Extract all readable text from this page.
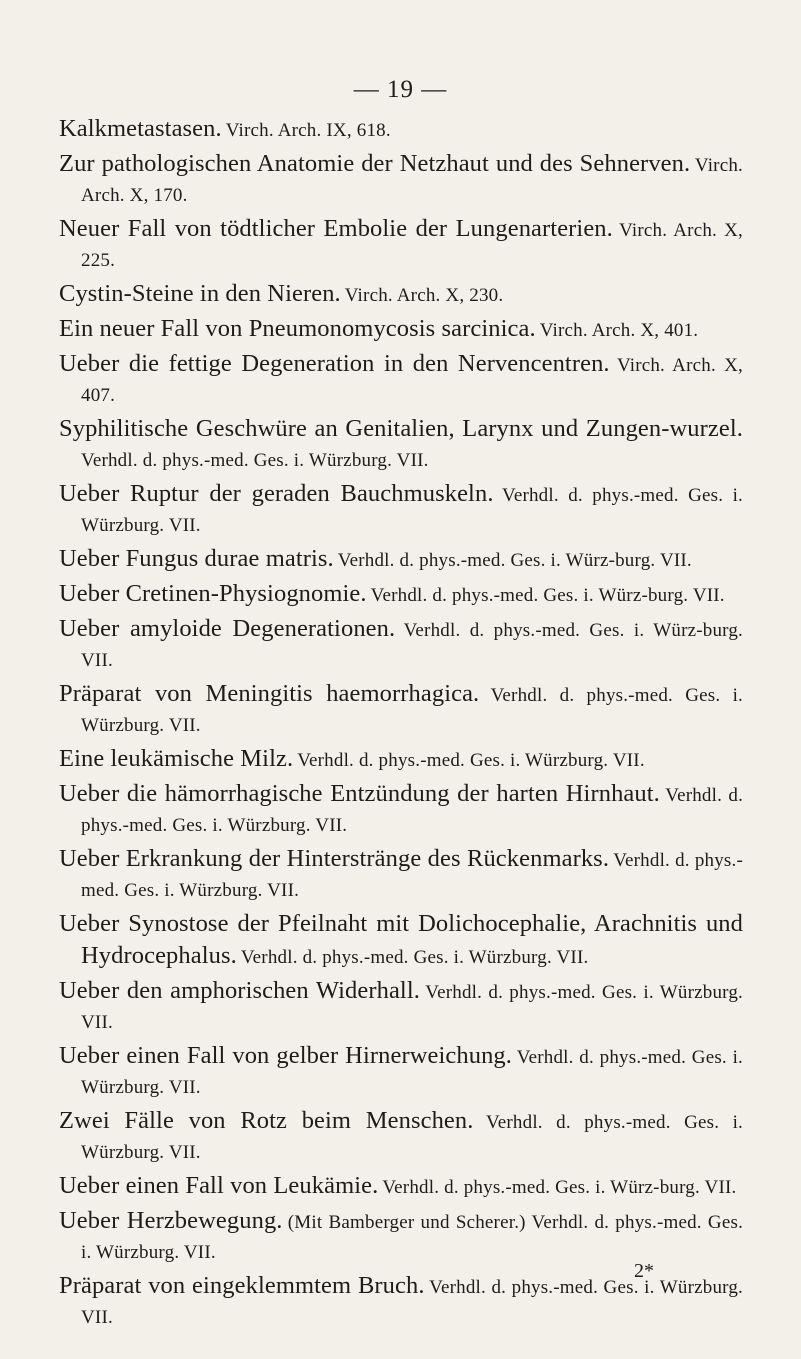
— 19 —

Kalkmetastasen. Virch. Arch. IX, 618.

Zur pathologischen Anatomie der Netzhaut und des Sehnerven. Virch. Arch. X, 170.

Neuer Fall von tödtlicher Embolie der Lungenarterien. Virch. Arch. X, 225.

Cystin-Steine in den Nieren. Virch. Arch. X, 230.

Ein neuer Fall von Pneumonomycosis sarcinica. Virch. Arch. X, 401.

Ueber die fettige Degeneration in den Nervencentren. Virch. Arch. X, 407.

Syphilitische Geschwüre an Genitalien, Larynx und Zungen-wurzel. Verhdl. d. phys.-med. Ges. i. Würzburg. VII.

Ueber Ruptur der geraden Bauchmuskeln. Verhdl. d. phys.-med. Ges. i. Würzburg. VII.

Ueber Fungus durae matris. Verhdl. d. phys.-med. Ges. i. Würz-burg. VII.

Ueber Cretinen-Physiognomie. Verhdl. d. phys.-med. Ges. i. Würz-burg. VII.

Ueber amyloide Degenerationen. Verhdl. d. phys.-med. Ges. i. Würz-burg. VII.

Präparat von Meningitis haemorrhagica. Verhdl. d. phys.-med. Ges. i. Würzburg. VII.

Eine leukämische Milz. Verhdl. d. phys.-med. Ges. i. Würzburg. VII.

Ueber die hämorrhagische Entzündung der harten Hirnhaut. Verhdl. d. phys.-med. Ges. i. Würzburg. VII.

Ueber Erkrankung der Hinterstränge des Rückenmarks. Verhdl. d. phys.-med. Ges. i. Würzburg. VII.

Ueber Synostose der Pfeilnaht mit Dolichocephalie, Arachnitis und Hydrocephalus. Verhdl. d. phys.-med. Ges. i. Würzburg. VII.

Ueber den amphorischen Widerhall. Verhdl. d. phys.-med. Ges. i. Würzburg. VII.

Ueber einen Fall von gelber Hirnerweichung. Verhdl. d. phys.-med. Ges. i. Würzburg. VII.

Zwei Fälle von Rotz beim Menschen. Verhdl. d. phys.-med. Ges. i. Würzburg. VII.

Ueber einen Fall von Leukämie. Verhdl. d. phys.-med. Ges. i. Würz-burg. VII.

Ueber Herzbewegung. (Mit Bamberger und Scherer.) Verhdl. d. phys.-med. Ges. i. Würzburg. VII.

Präparat von eingeklemmtem Bruch. Verhdl. d. phys.-med. Ges. i. Würzburg. VII.

2*
